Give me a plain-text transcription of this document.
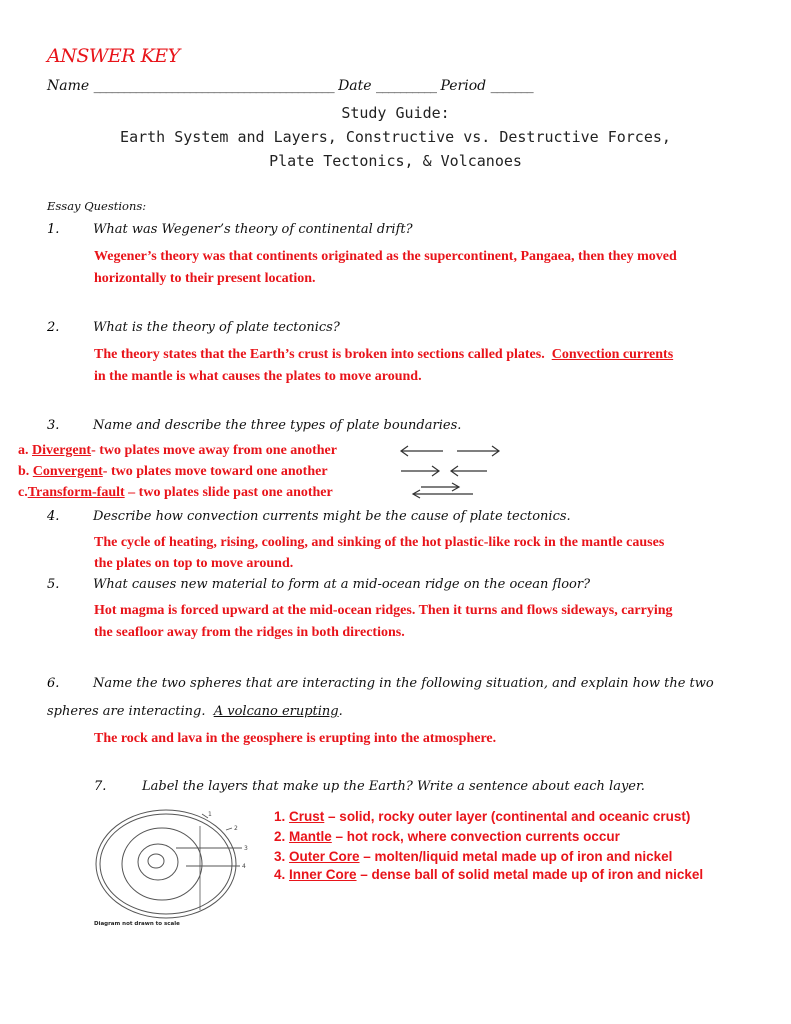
ANSWER KEY
Name ________________________________________ Date __________ Period _______
Study Guide:
Earth System and Layers, Constructive vs. Destructive Forces,
Plate Tectonics, & Volcanoes
Essay Questions:
1.	What was Wegener’s theory of continental drift?
Wegener’s theory was that continents originated as the supercontinent, Pangaea, then they moved
horizontally to their present location.
2.	What is the theory of plate tectonics?
The theory states that the Earth’s crust is broken into sections called plates. Convection currents
in the mantle is what causes the plates to move around.
3.	Name and describe the three types of plate boundaries.
a. Divergent- two plates move away from one another
b. Convergent- two plates move toward one another
c.Transform-fault – two plates slide past one another
4.	Describe how convection currents might be the cause of plate tectonics.
The cycle of heating, rising, cooling, and sinking of the hot plastic-like rock in the mantle causes
the plates on top to move around.
5.	What causes new material to form at a mid-ocean ridge on the ocean floor?
Hot magma is forced upward at the mid-ocean ridges. Then it turns and flows sideways, carrying
the seafloor away from the ridges in both directions.
6.	Name the two spheres that are interacting in the following situation, and explain how the two
spheres are interacting. A volcano erupting.
The rock and lava in the geosphere is erupting into the atmosphere.
7.	Label the layers that make up the Earth? Write a sentence about each layer.
1
2
3
4
Diagram not drawn to scale
1. Crust – solid, rocky outer layer (continental and oceanic crust)
2. Mantle – hot rock, where convection currents occur
3. Outer Core – molten/liquid metal made up of iron and nickel
4. Inner Core – dense ball of solid metal made up of iron and nickel
